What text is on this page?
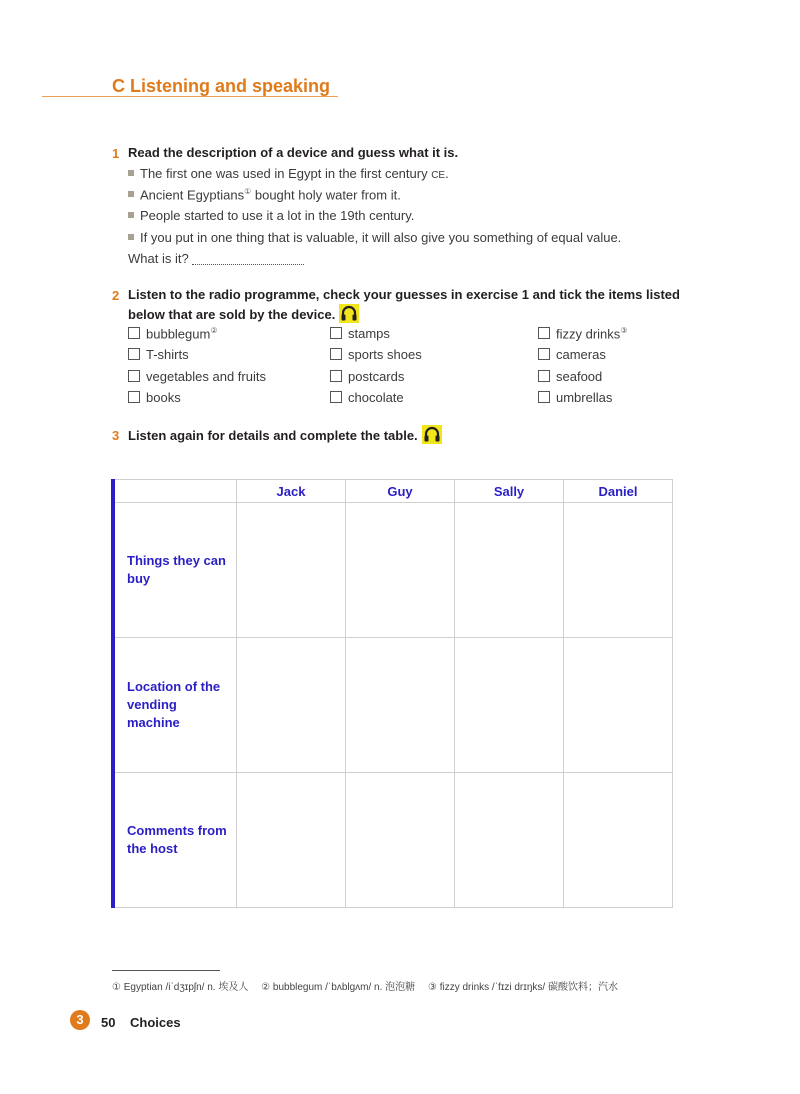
C Listening and speaking
1 Read the description of a device and guess what it is.
The first one was used in Egypt in the first century CE.
Ancient Egyptians① bought holy water from it.
People started to use it a lot in the 19th century.
If you put in one thing that is valuable, it will also give you something of equal value.
What is it?
2 Listen to the radio programme, check your guesses in exercise 1 and tick the items listed
below that are sold by the device.
bubblegum②	stamps	fizzy drinks③
T-shirts	sports shoes	cameras
vegetables and fruits	postcards	seafood
books	chocolate	umbrellas
3 Listen again for details and complete the table.
	Jack	Guy	Sally	Daniel
Things they can buy				
Location of the vending machine				
Comments from the host				
① Egyptian /iˈdʒɪpʃn/ n. 埃及人 ② bubblegum /ˈbʌblɡʌm/ n. 泡泡糖 ③ fizzy drinks /ˈfɪzi drɪŋks/ 碳酸饮料；汽水
3	50 Choices
